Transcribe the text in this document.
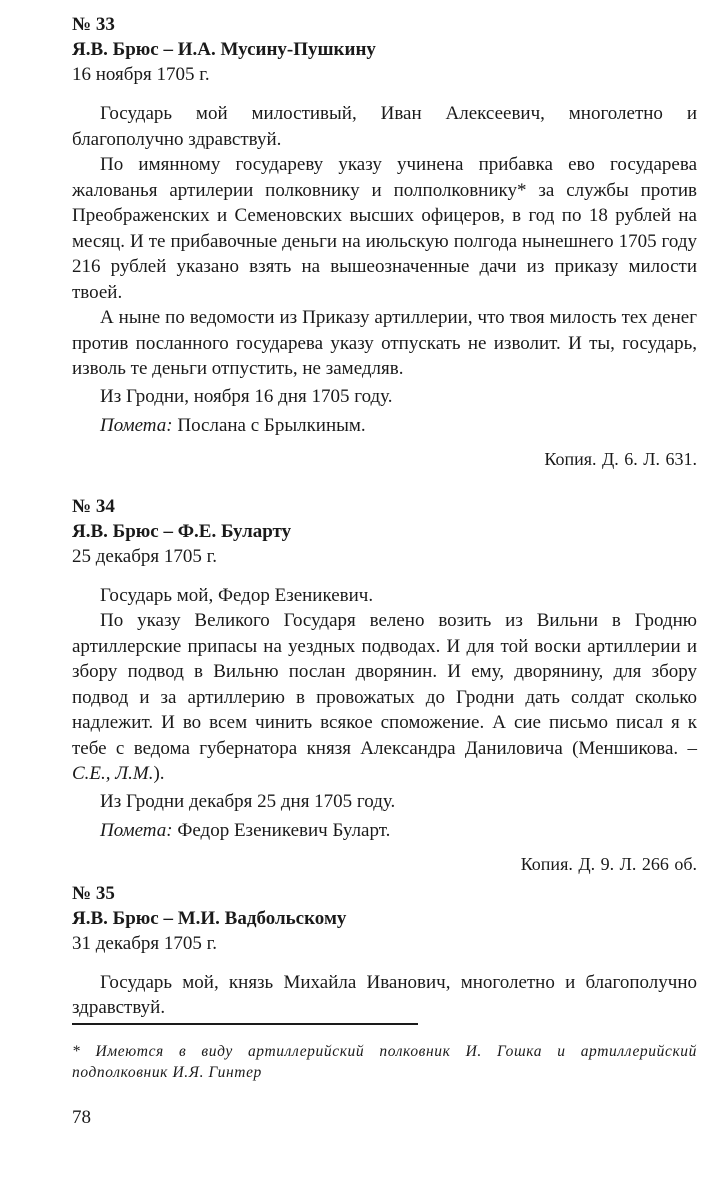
№ 33

Я.В. Брюс – И.А. Мусину-Пушкину

16 ноября 1705 г.

Государь мой милостивый, Иван Алексеевич, многолетно и благополучно здравствуй.

По имянному государеву указу учинена прибавка ево государева жалованья артилерии полковнику и полполковнику* за службы против Преображенских и Семеновских высших офицеров, в год по 18 рублей на месяц. И те прибавочные деньги на июльскую полгода нынешнего 1705 году 216 рублей указано взять на вышеозначенные дачи из приказу милости твоей.

А ныне по ведомости из Приказу артиллерии, что твоя милость тех денег против посланного государева указу отпускать не изволит. И ты, государь, изволь те деньги отпустить, не замедляв.

Из Гродни, ноября 16 дня 1705 году.

Помета: Послана с Брылкиным.

Копия. Д. 6. Л. 631.

№ 34

Я.В. Брюс – Ф.Е. Буларту

25 декабря 1705 г.

Государь мой, Федор Езеникевич.

По указу Великого Государя велено возить из Вильни в Гродню артиллерские припасы на уездных подводах. И для той воски артиллерии и збору подвод в Вильню послан дворянин. И ему, дворянину, для збору подвод и за артиллерию в провожатых до Гродни дать солдат сколько надлежит. И во всем чинить всякое споможение. А сие письмо писал я к тебе с ведома губернатора князя Александра Даниловича (Меншикова. – С.Е., Л.М.).

Из Гродни декабря 25 дня 1705 году.

Помета: Федор Езеникевич Буларт.

Копия. Д. 9. Л. 266 об.

№ 35

Я.В. Брюс – М.И. Вадбольскому

31 декабря 1705 г.

Государь мой, князь Михайла Иванович, многолетно и благополучно здравствуй.

* Имеются в виду артиллерийский полковник И. Гошка и артиллерийский подполковник И.Я. Гинтер

78
